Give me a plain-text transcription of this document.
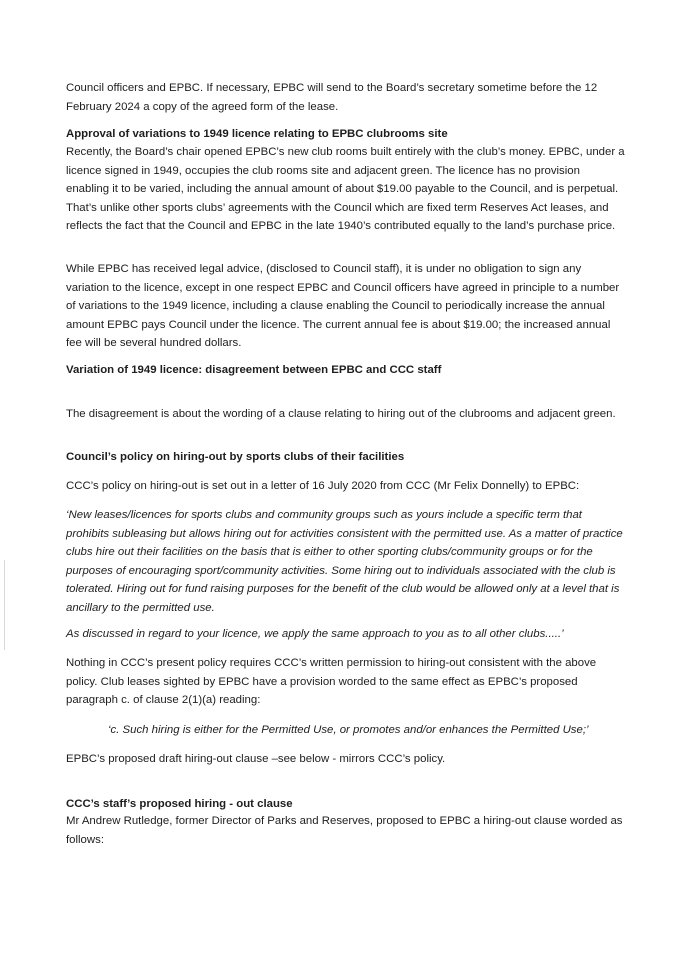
Council officers and EPBC. If necessary, EPBC will send to the Board’s secretary sometime before the 12 February 2024 a copy of the agreed form of the lease.

Approval of variations to 1949 licence relating to EPBC clubrooms site

Recently, the Board’s chair opened EPBC’s new club rooms built entirely with the club’s money. EPBC, under a licence signed in 1949, occupies the club rooms site and adjacent green. The licence has no provision enabling it to be varied, including the annual amount of about $19.00 payable to the Council, and is perpetual. That’s unlike other sports clubs’ agreements with the Council which are fixed term Reserves Act leases, and reflects the fact that the Council and EPBC in the late 1940’s contributed equally to the land’s purchase price.

While EPBC has received legal advice, (disclosed to Council staff), it is under no obligation to sign any variation to the licence, except in one respect EPBC and Council officers have agreed in principle to a number of variations to the 1949 licence, including a clause enabling the Council to periodically increase the annual amount EPBC pays Council under the licence. The current annual fee is about $19.00; the increased annual fee will be several hundred dollars.

Variation of 1949 licence: disagreement between EPBC and CCC staff

The disagreement is about the wording of a clause relating to hiring out of the clubrooms and adjacent green.

Council’s policy on hiring-out by sports clubs of their facilities

CCC’s policy on hiring-out is set out in a letter of 16 July 2020 from CCC (Mr Felix Donnelly) to EPBC:

‘New leases/licences for sports clubs and community groups such as yours include a specific term that prohibits subleasing but allows hiring out for activities consistent with the permitted use. As a matter of practice clubs hire out their facilities on the basis that is either to other sporting clubs/community groups or for the purposes of encouraging sport/community activities. Some hiring out to individuals associated with the club is tolerated. Hiring out for fund raising purposes for the benefit of the club would be allowed only at a level that is ancillary to the permitted use.

As discussed in regard to your licence, we apply the same approach to you as to all other clubs.....’

Nothing in CCC’s present policy requires CCC’s written permission to hiring-out consistent with the above policy. Club leases sighted by EPBC have a provision worded to the same effect as EPBC’s proposed paragraph c. of clause 2(1)(a) reading:

‘c. Such hiring is either for the Permitted Use, or promotes and/or enhances the Permitted Use;’

EPBC’s proposed draft hiring-out clause –see below - mirrors CCC’s policy.

CCC’s staff’s proposed hiring - out clause

Mr Andrew Rutledge, former Director of Parks and Reserves, proposed to EPBC a hiring-out clause worded as follows:
